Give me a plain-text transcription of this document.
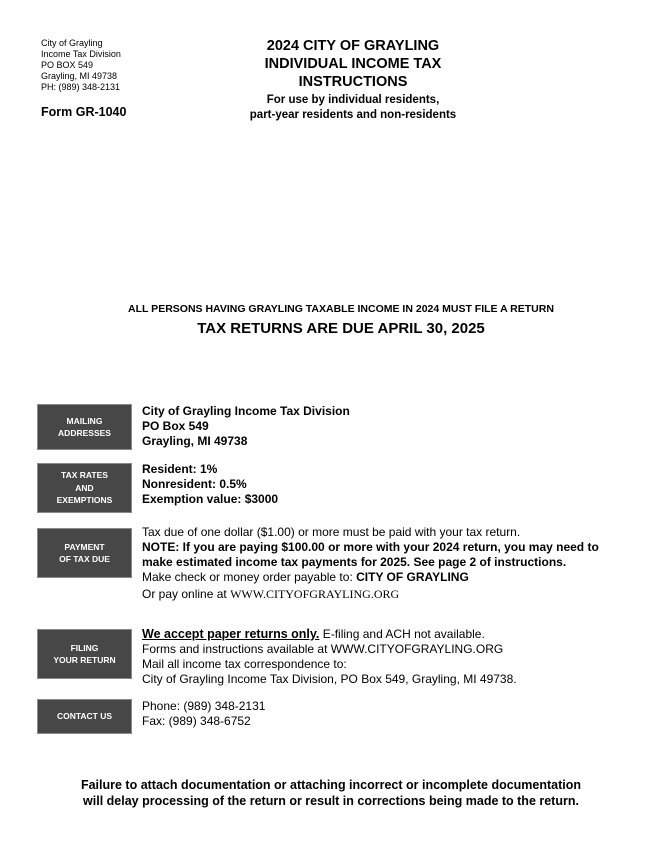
City of Grayling
Income Tax Division
PO BOX 549
Grayling, MI 49738
PH: (989) 348-2131
Form GR-1040
2024 CITY OF GRAYLING
INDIVIDUAL INCOME TAX
INSTRUCTIONS
For use by individual residents,
part-year residents and non-residents
ALL PERSONS HAVING GRAYLING TAXABLE INCOME IN 2024 MUST FILE A RETURN
TAX RETURNS ARE DUE APRIL 30, 2025
MAILING
ADDRESSES
City of Grayling Income Tax Division
PO Box 549
Grayling, MI 49738
TAX RATES
AND
EXEMPTIONS
Resident: 1%
Nonresident: 0.5%
Exemption value: $3000
PAYMENT
OF TAX DUE
Tax due of one dollar ($1.00) or more must be paid with your tax return.
NOTE: If you are paying $100.00 or more with your 2024 return, you may need to
make estimated income tax payments for 2025. See page 2 of instructions.
Make check or money order payable to: CITY OF GRAYLING
Or pay online at WWW.CITYOFGRAYLING.ORG
FILING
YOUR RETURN
We accept paper returns only. E-filing and ACH not available.
Forms and instructions available at WWW.CITYOFGRAYLING.ORG
Mail all income tax correspondence to:
City of Grayling Income Tax Division, PO Box 549, Grayling, MI 49738.
CONTACT US
Phone: (989) 348-2131
Fax: (989) 348-6752
Failure to attach documentation or attaching incorrect or incomplete documentation
will delay processing of the return or result in corrections being made to the return.
